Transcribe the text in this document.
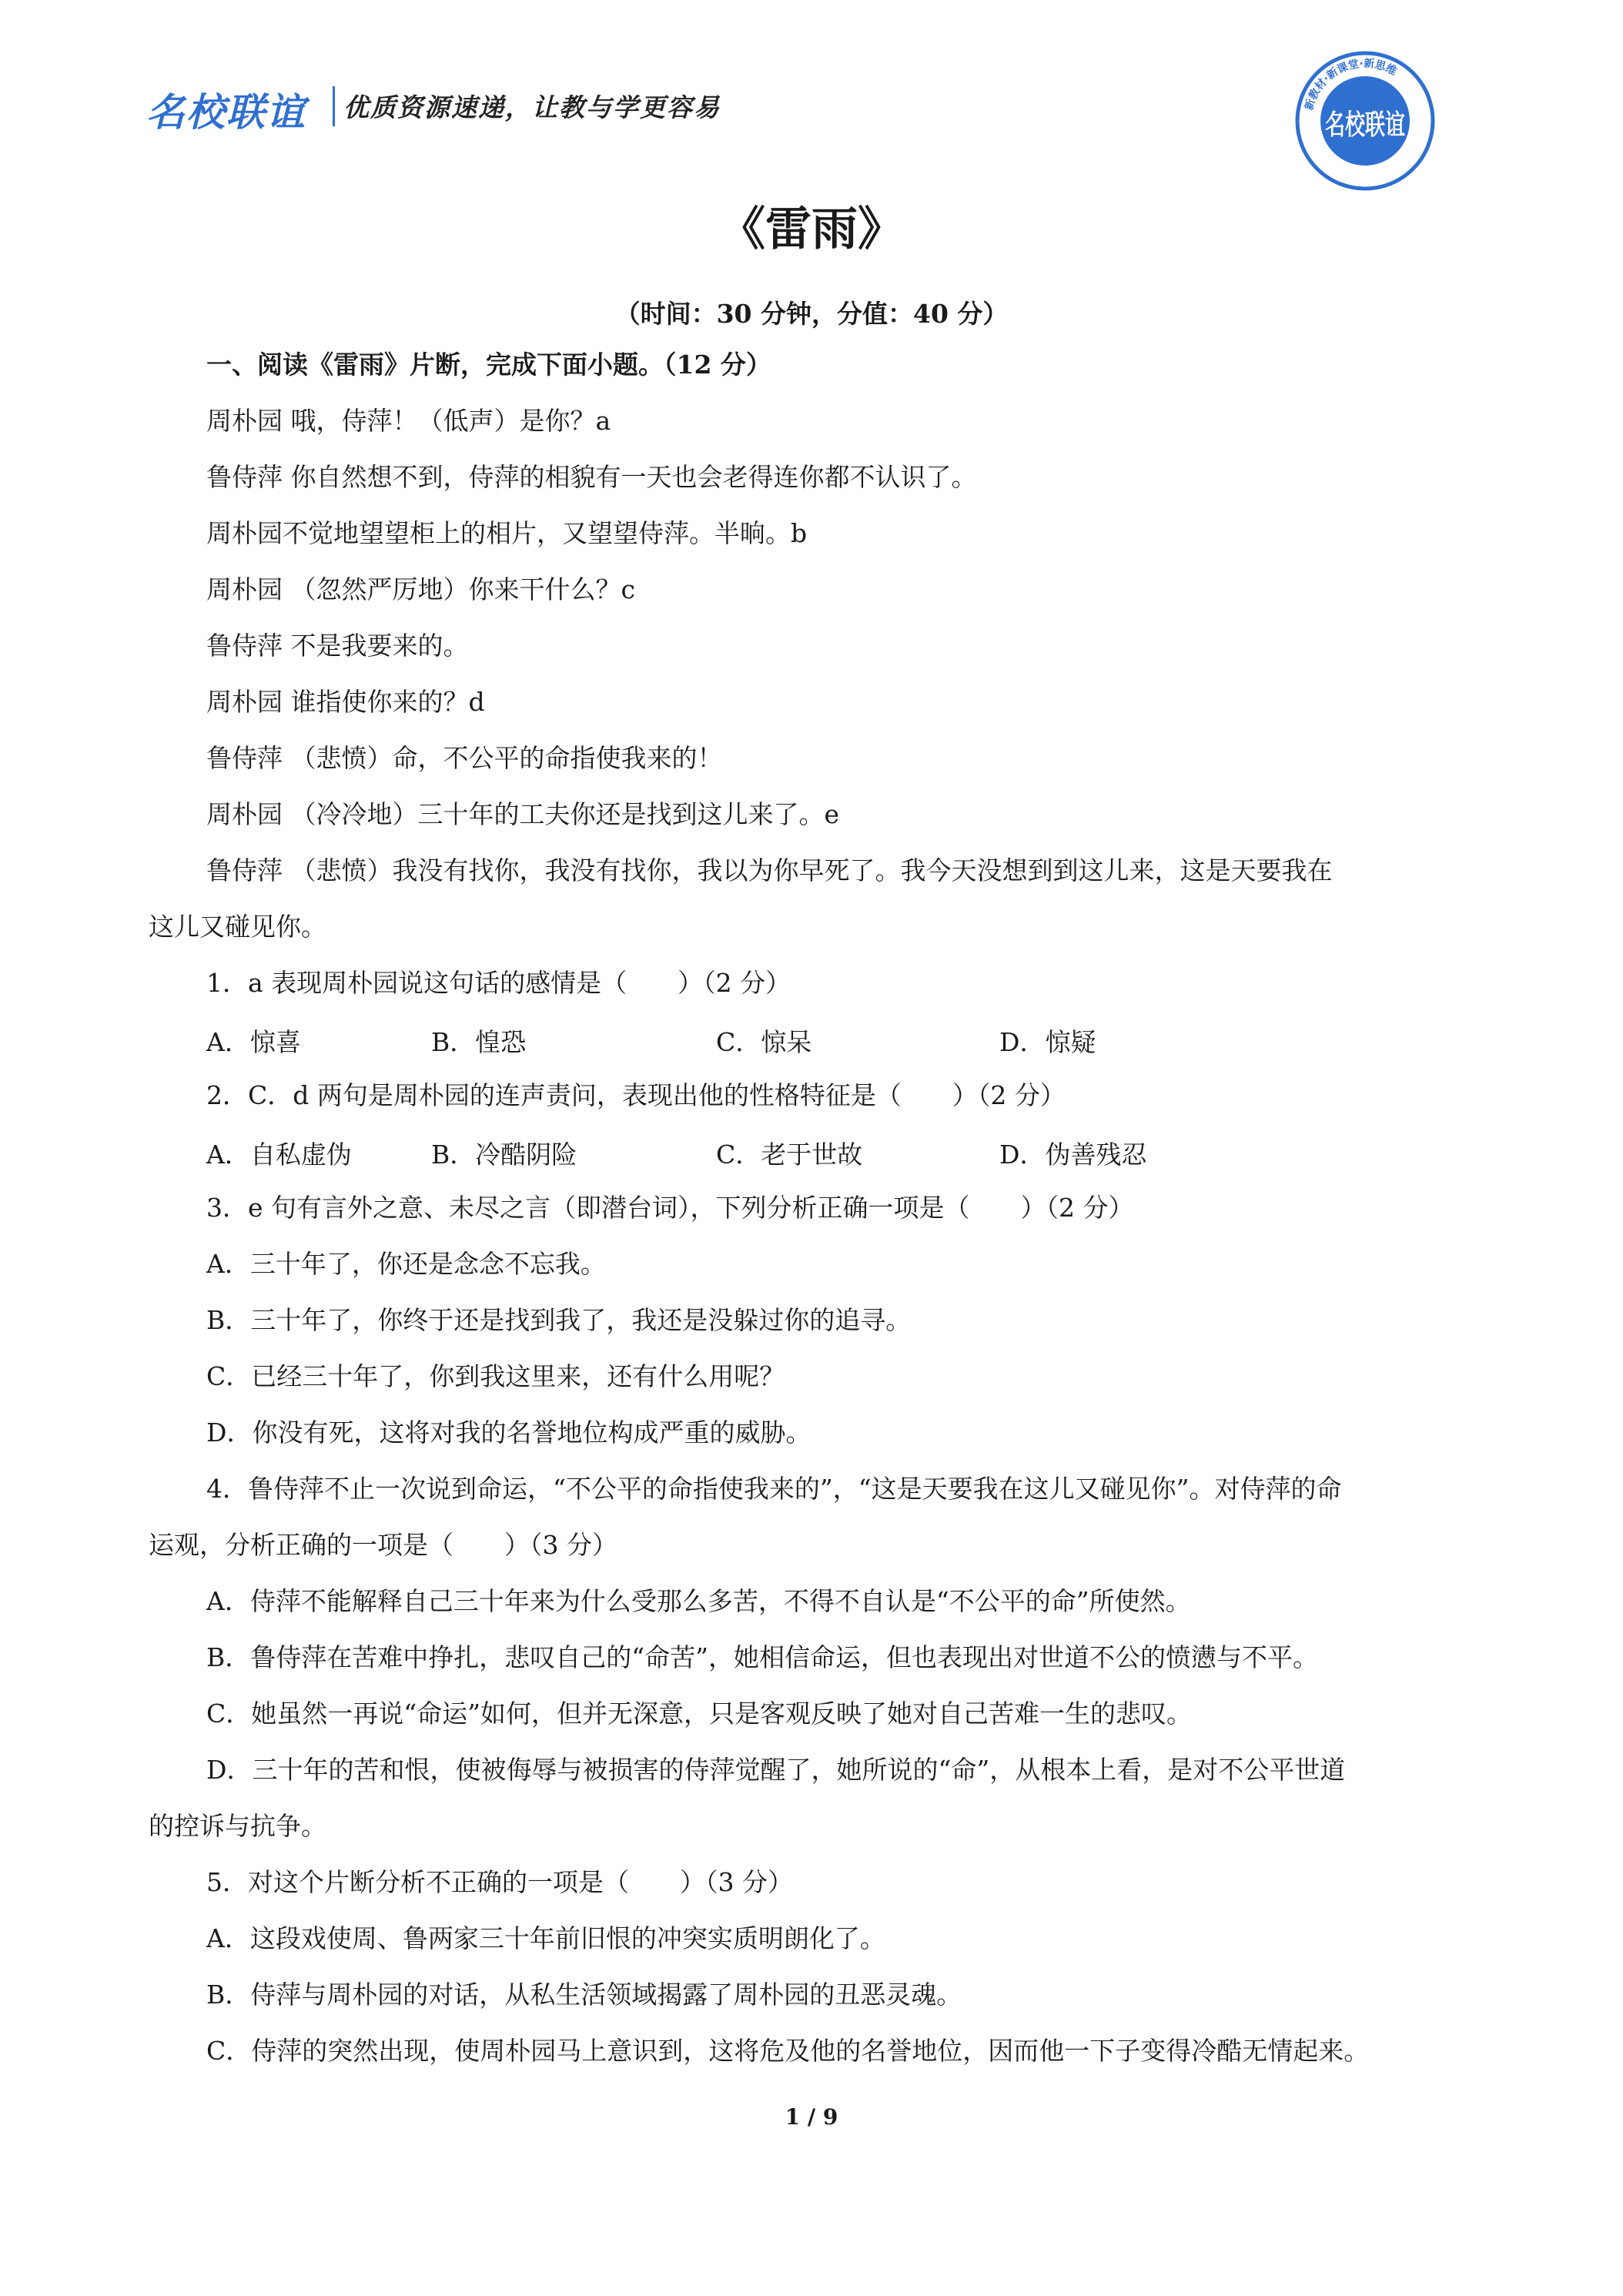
名校联谊 优质资源速递，让教与学更容易	新教材·新课堂·新思维
名校联谊
《雷雨》
（时间：30 分钟，分值：40 分）
一、阅读《雷雨》片断，完成下面小题。（12 分）
周朴园 哦，侍萍！（低声）是你？a
鲁侍萍 你自然想不到，侍萍的相貌有一天也会老得连你都不认识了。
周朴园不觉地望望柜上的相片，又望望侍萍。半晌。b
周朴园 （忽然严厉地）你来干什么？c
鲁侍萍 不是我要来的。
周朴园 谁指使你来的？d
鲁侍萍 （悲愤）命，不公平的命指使我来的！
周朴园 （冷冷地）三十年的工夫你还是找到这儿来了。e
鲁侍萍 （悲愤）我没有找你，我没有找你，我以为你早死了。我今天没想到到这儿来，这是天要我在
这儿又碰见你。
1．a 表现周朴园说这句话的感情是（　　）（2 分）
A．惊喜	B．惶恐	C．惊呆	D．惊疑
2．C．d 两句是周朴园的连声责问，表现出他的性格特征是（　　）（2 分）
A．自私虚伪	B．冷酷阴险	C．老于世故	D．伪善残忍
3．e 句有言外之意、未尽之言（即潜台词），下列分析正确一项是（　　）（2 分）
A．三十年了，你还是念念不忘我。
B．三十年了，你终于还是找到我了，我还是没躲过你的追寻。
C．已经三十年了，你到我这里来，还有什么用呢？
D．你没有死，这将对我的名誉地位构成严重的威胁。
4．鲁侍萍不止一次说到命运，“不公平的命指使我来的”，“这是天要我在这儿又碰见你”。对侍萍的命
运观，分析正确的一项是（　　）（3 分）
A．侍萍不能解释自己三十年来为什么受那么多苦，不得不自认是“不公平的命”所使然。
B．鲁侍萍在苦难中挣扎，悲叹自己的“命苦”，她相信命运，但也表现出对世道不公的愤懑与不平。
C．她虽然一再说“命运”如何，但并无深意，只是客观反映了她对自己苦难一生的悲叹。
D．三十年的苦和恨，使被侮辱与被损害的侍萍觉醒了，她所说的“命”，从根本上看，是对不公平世道
的控诉与抗争。
5．对这个片断分析不正确的一项是（　　）（3 分）
A．这段戏使周、鲁两家三十年前旧恨的冲突实质明朗化了。
B．侍萍与周朴园的对话，从私生活领域揭露了周朴园的丑恶灵魂。
C．侍萍的突然出现，使周朴园马上意识到，这将危及他的名誉地位，因而他一下子变得冷酷无情起来。
1 / 9
